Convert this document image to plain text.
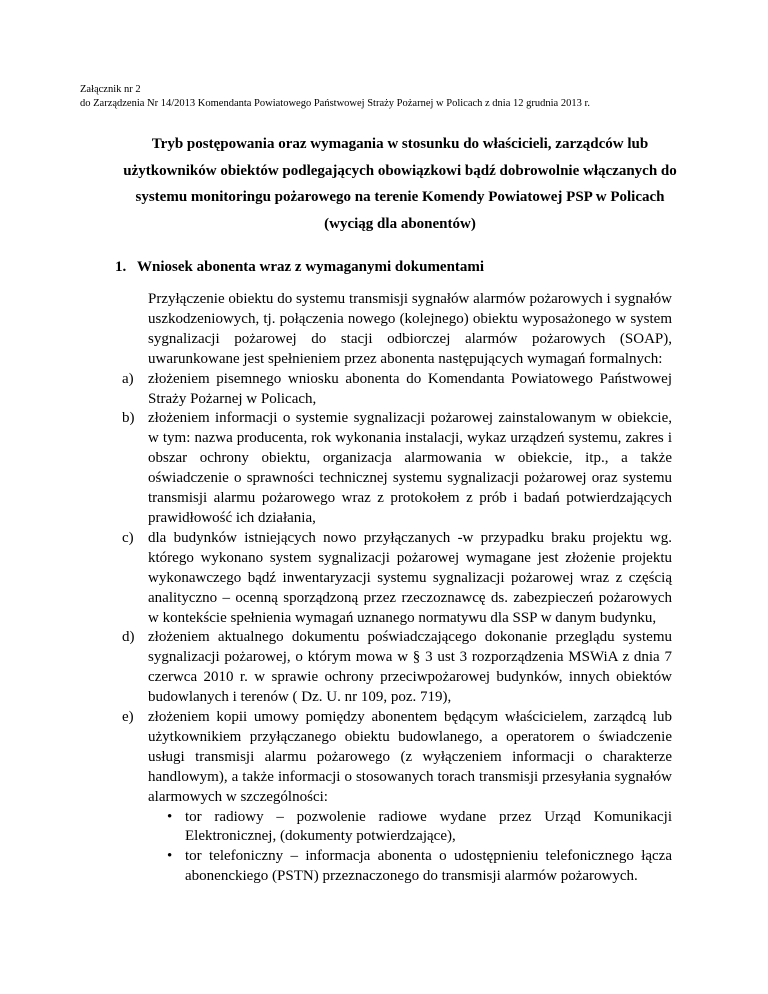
Załącznik nr 2
do Zarządzenia Nr 14/2013 Komendanta Powiatowego Państwowej Straży Pożarnej w Policach z dnia 12 grudnia 2013 r.
Tryb postępowania oraz wymagania w stosunku do właścicieli, zarządców lub
użytkowników obiektów podlegających obowiązkowi bądź dobrowolnie włączanych do
systemu monitoringu pożarowego na terenie Komendy Powiatowej PSP w Policach
(wyciąg dla abonentów)
1. Wniosek abonenta wraz z wymaganymi dokumentami

Przyłączenie obiektu do systemu transmisji sygnałów alarmów pożarowych i sygnałów uszkodzeniowych, tj. połączenia nowego (kolejnego) obiektu wyposażonego w system sygnalizacji pożarowej do stacji odbiorczej alarmów pożarowych (SOAP), uwarunkowane jest spełnieniem przez abonenta następujących wymagań formalnych:

a) złożeniem pisemnego wniosku abonenta do Komendanta Powiatowego Państwowej Straży Pożarnej w Policach,
b) złożeniem informacji o systemie sygnalizacji pożarowej zainstalowanym w obiekcie, w tym: nazwa producenta, rok wykonania instalacji, wykaz urządzeń systemu, zakres i obszar ochrony obiektu, organizacja alarmowania w obiekcie, itp., a także oświadczenie o sprawności technicznej systemu sygnalizacji pożarowej oraz systemu transmisji alarmu pożarowego wraz z protokołem z prób i badań potwierdzających prawidłowość ich działania,
c) dla budynków istniejących nowo przyłączanych -w przypadku braku projektu wg. którego wykonano system sygnalizacji pożarowej wymagane jest złożenie projektu wykonawczego bądź inwentaryzacji systemu sygnalizacji pożarowej wraz z częścią analityczno – ocenną sporządzoną przez rzeczoznawcę ds. zabezpieczeń pożarowych w kontekście spełnienia wymagań uznanego normatywu dla SSP w danym budynku,
d) złożeniem aktualnego dokumentu poświadczającego dokonanie przeglądu systemu sygnalizacji pożarowej, o którym mowa w § 3 ust 3 rozporządzenia MSWiA z dnia 7 czerwca 2010 r. w sprawie ochrony przeciwpożarowej budynków, innych obiektów budowlanych i terenów ( Dz. U. nr 109, poz. 719),
e) złożeniem kopii umowy pomiędzy abonentem będącym właścicielem, zarządcą lub użytkownikiem przyłączanego obiektu budowlanego, a operatorem o świadczenie usługi transmisji alarmu pożarowego (z wyłączeniem informacji o charakterze handlowym), a także informacji o stosowanych torach transmisji przesyłania sygnałów alarmowych w szczególności:
• tor radiowy – pozwolenie radiowe wydane przez Urząd Komunikacji Elektronicznej, (dokumenty potwierdzające),
• tor telefoniczny – informacja abonenta o udostępnieniu telefonicznego łącza abonenckiego (PSTN) przeznaczonego do transmisji alarmów pożarowych.
